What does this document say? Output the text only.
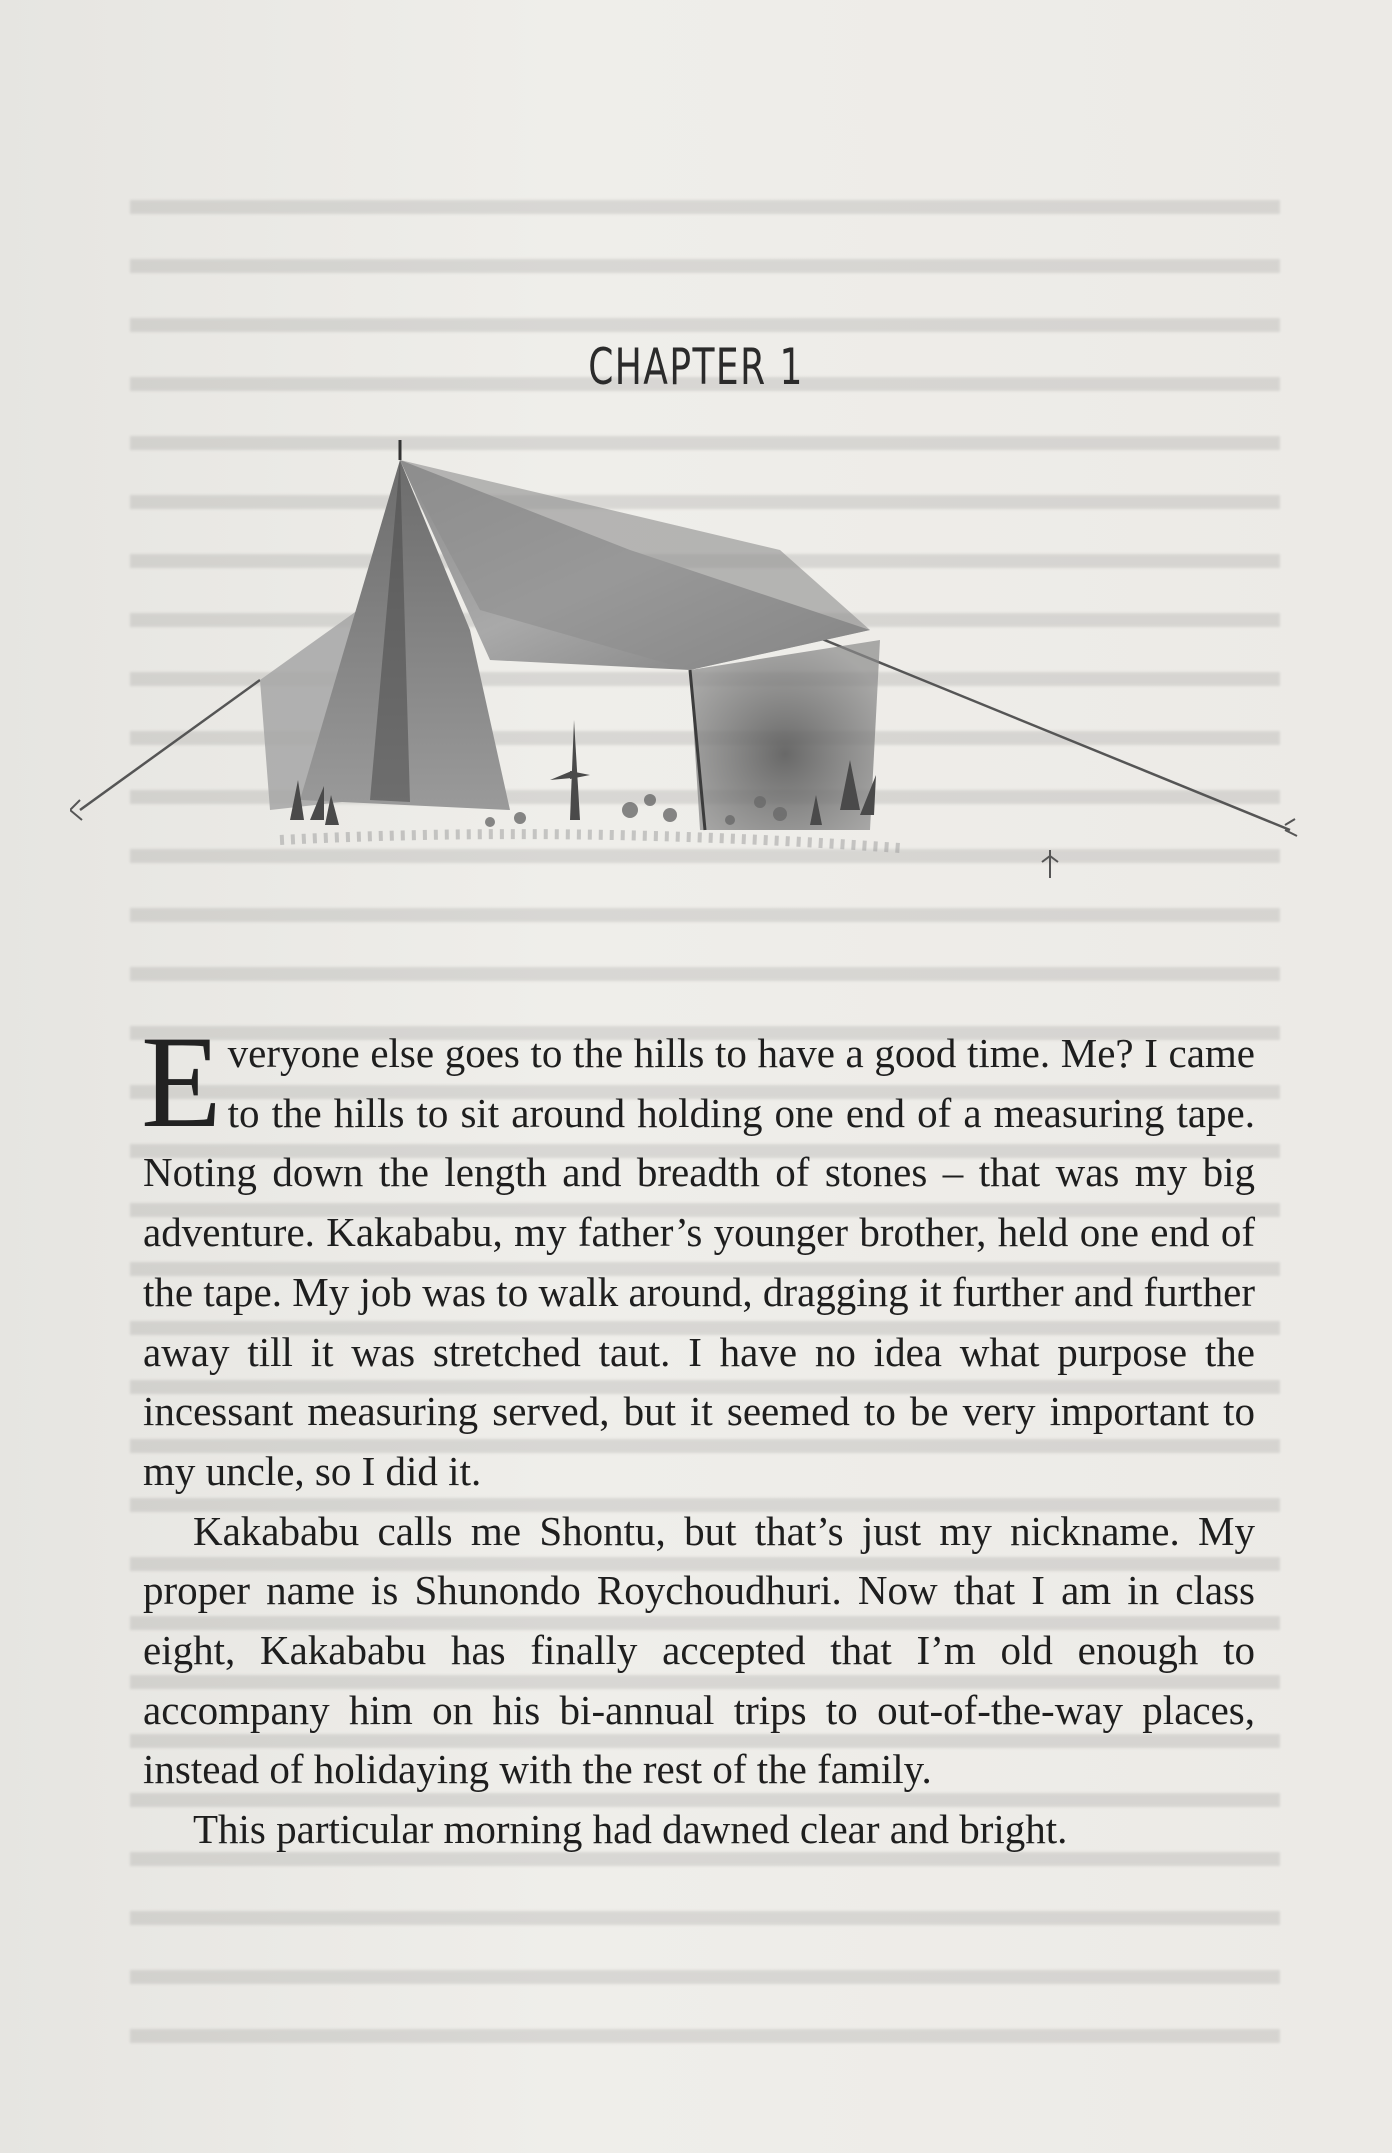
CHAPTER 1

Everyone else goes to the hills to have a good time. Me? I came to the hills to sit around holding one end of a measuring tape. Noting down the length and breadth of stones – that was my big adventure. Kakababu, my father’s younger brother, held one end of the tape. My job was to walk around, dragging it further and further away till it was stretched taut. I have no idea what purpose the incessant measuring served, but it seemed to be very important to my uncle, so I did it.

Kakababu calls me Shontu, but that’s just my nickname. My proper name is Shunondo Roychoudhuri. Now that I am in class eight, Kakababu has finally accepted that I’m old enough to accompany him on his bi-annual trips to out-of-the-way places, instead of holidaying with the rest of the family.

This particular morning had dawned clear and bright.
